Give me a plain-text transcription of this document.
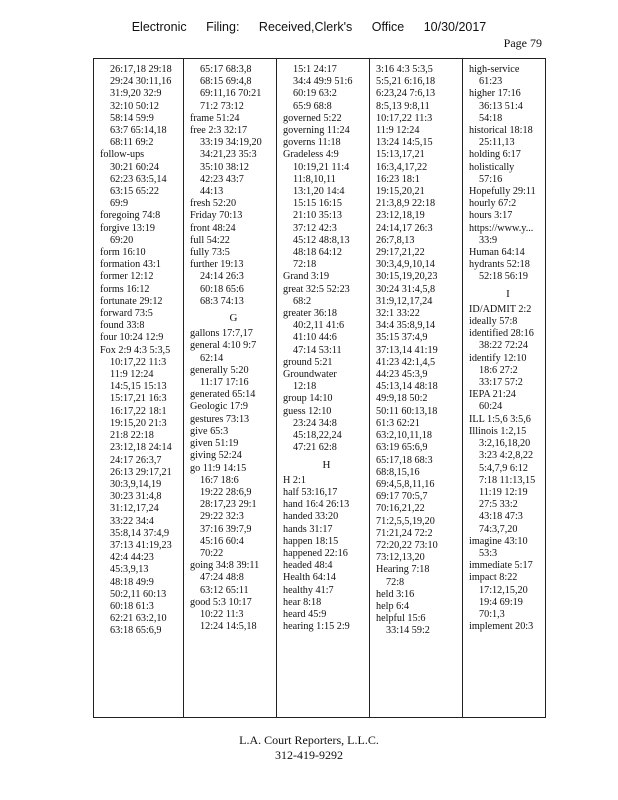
Electronic Filing: Received,Clerk's Office 10/30/2017
Page 79
26:17,18 29:18
29:24 30:11,16
31:9,20 32:9
32:10 50:12
58:14 59:9
63:7 65:14,18
68:11 69:2
follow-ups
30:21 60:24
62:23 63:5,14
63:15 65:22
69:9
foregoing 74:8
forgive 13:19
69:20
form 16:10
formation 43:1
former 12:12
forms 16:12
fortunate 29:12
forward 73:5
found 33:8
four 10:24 12:9
Fox 2:9 4:3 5:3,5
10:17,22 11:3
11:9 12:24
14:5,15 15:13
15:17,21 16:3
16:17,22 18:1
19:15,20 21:3
21:8 22:18
23:12,18 24:14
24:17 26:3,7
26:13 29:17,21
30:3,9,14,19
30:23 31:4,8
31:12,17,24
33:22 34:4
35:8,14 37:4,9
37:13 41:19,23
42:4 44:23
45:3,9,13
48:18 49:9
50:2,11 60:13
60:18 61:3
62:21 63:2,10
63:18 65:6,9
65:17 68:3,8
68:15 69:4,8
69:11,16 70:21
71:2 73:12
frame 51:24
free 2:3 32:17
33:19 34:19,20
34:21,23 35:3
35:10 38:12
42:23 43:7
44:13
fresh 52:20
Friday 70:13
front 48:24
full 54:22
fully 73:5
further 19:13
24:14 26:3
60:18 65:6
68:3 74:13
G
gallons 17:7,17
general 4:10 9:7
62:14
generally 5:20
11:17 17:16
generated 65:14
Geologic 17:9
gestures 73:13
give 65:3
given 51:19
giving 52:24
go 11:9 14:15
16:7 18:6
19:22 28:6,9
28:17,23 29:1
29:22 32:3
37:16 39:7,9
45:16 60:4
70:22
going 34:8 39:11
47:24 48:8
63:12 65:11
good 5:3 10:17
10:22 11:3
12:24 14:5,18
15:1 24:17
34:4 49:9 51:6
60:19 63:2
65:9 68:8
governed 5:22
governing 11:24
governs 11:18
Gradeless 4:9
10:19,21 11:4
11:8,10,11
13:1,20 14:4
15:15 16:15
21:10 35:13
37:12 42:3
45:12 48:8,13
48:18 64:12
72:18
Grand 3:19
great 32:5 52:23
68:2
greater 36:18
40:2,11 41:6
41:10 44:6
47:14 53:11
ground 5:21
Groundwater
12:18
group 14:10
guess 12:10
23:24 34:8
45:18,22,24
47:21 62:8
H
H 2:1
half 53:16,17
hand 16:4 26:13
handed 33:20
hands 31:17
happen 18:15
happened 22:16
headed 48:4
Health 64:14
healthy 41:7
hear 8:18
heard 45:9
hearing 1:15 2:9
3:16 4:3 5:3,5
5:5,21 6:16,18
6:23,24 7:6,13
8:5,13 9:8,11
10:17,22 11:3
11:9 12:24
13:24 14:5,15
15:13,17,21
16:3,4,17,22
16:23 18:1
19:15,20,21
21:3,8,9 22:18
23:12,18,19
24:14,17 26:3
26:7,8,13
29:17,21,22
30:3,4,9,10,14
30:15,19,20,23
30:24 31:4,5,8
31:9,12,17,24
32:1 33:22
34:4 35:8,9,14
35:15 37:4,9
37:13,14 41:19
41:23 42:1,4,5
44:23 45:3,9
45:13,14 48:18
49:9,18 50:2
50:11 60:13,18
61:3 62:21
63:2,10,11,18
63:19 65:6,9
65:17,18 68:3
68:8,15,16
69:4,5,8,11,16
69:17 70:5,7
70:16,21,22
71:2,5,5,19,20
71:21,24 72:2
72:20,22 73:10
73:12,13,20
Hearing 7:18
72:8
held 3:16
help 6:4
helpful 15:6
33:14 59:2
high-service
61:23
higher 17:16
36:13 51:4
54:18
historical 18:18
25:11,13
holding 6:17
holistically
57:16
Hopefully 29:11
hourly 67:2
hours 3:17
https://www.y...
33:9
Human 64:14
hydrants 52:18
52:18 56:19
I
ID/ADMIT 2:2
ideally 57:8
identified 28:16
38:22 72:24
identify 12:10
18:6 27:2
33:17 57:2
IEPA 21:24
60:24
ILL 1:5,6 3:5,6
Illinois 1:2,15
3:2,16,18,20
3:23 4:2,8,22
5:4,7,9 6:12
7:18 11:13,15
11:19 12:19
27:5 33:2
43:18 47:3
74:3,7,20
imagine 43:10
53:3
immediate 5:17
impact 8:22
17:12,15,20
19:4 69:19
70:1,3
implement 20:3
L.A. Court Reporters, L.L.C.
312-419-9292
